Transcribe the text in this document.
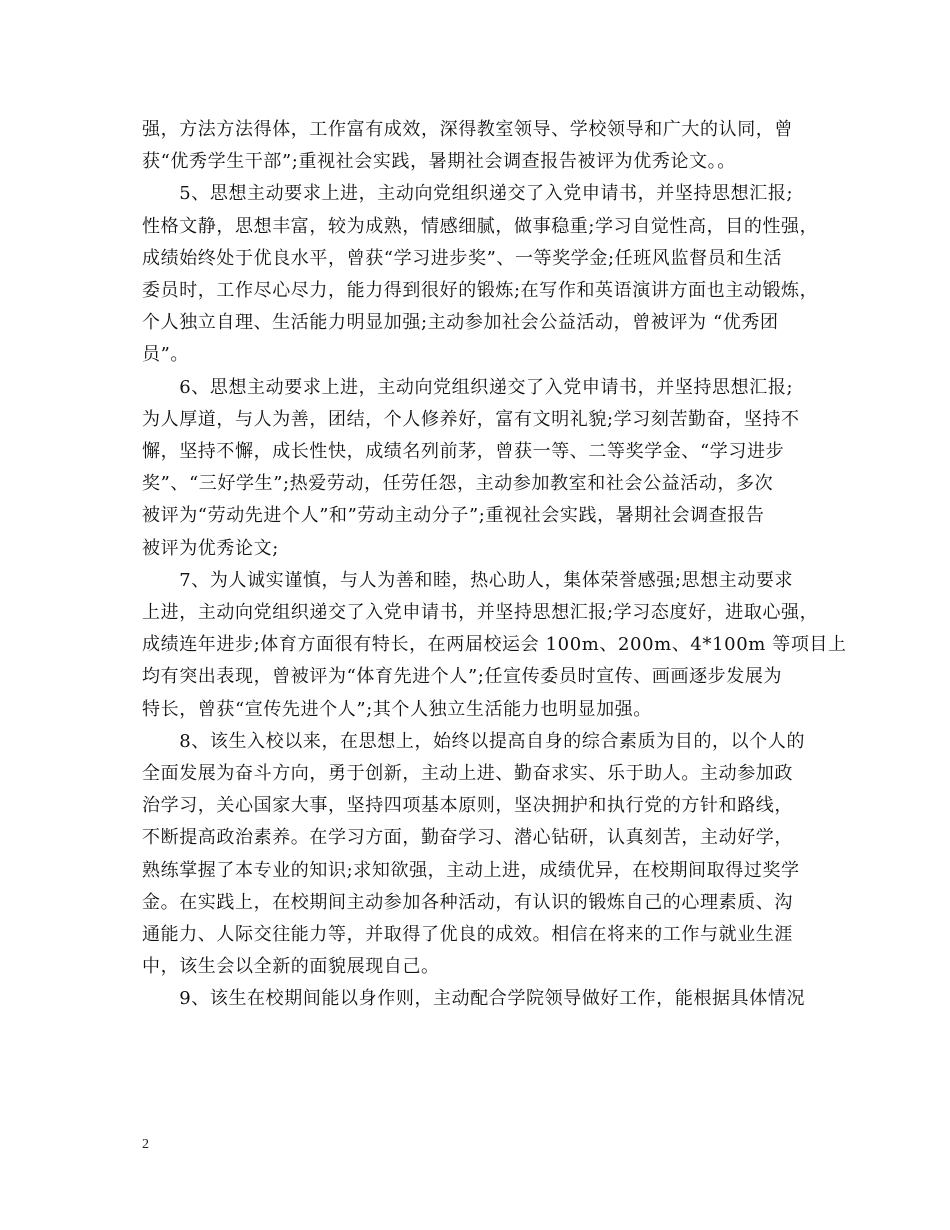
强，方法方法得体，工作富有成效，深得教室领导、学校领导和广大的认同，曾
获“优秀学生干部”;重视社会实践，暑期社会调查报告被评为优秀论文。。

　　5、思想主动要求上进，主动向党组织递交了入党申请书，并坚持思想汇报;
性格文静，思想丰富，较为成熟，情感细腻，做事稳重;学习自觉性高，目的性强，
成绩始终处于优良水平，曾获“学习进步奖”、一等奖学金;任班风监督员和生活
委员时，工作尽心尽力，能力得到很好的锻炼;在写作和英语演讲方面也主动锻炼，
个人独立自理、生活能力明显加强;主动参加社会公益活动，曾被评为 “优秀团
员”。

　　6、思想主动要求上进，主动向党组织递交了入党申请书，并坚持思想汇报;
为人厚道，与人为善，团结，个人修养好，富有文明礼貌;学习刻苦勤奋，坚持不
懈，坚持不懈，成长性快，成绩名列前茅，曾获一等、二等奖学金、“学习进步
奖”、“三好学生”;热爱劳动，任劳任怨，主动参加教室和社会公益活动，多次
被评为“劳动先进个人”和”劳动主动分子”;重视社会实践，暑期社会调查报告
被评为优秀论文;

　　7、为人诚实谨慎，与人为善和睦，热心助人，集体荣誉感强;思想主动要求
上进，主动向党组织递交了入党申请书，并坚持思想汇报;学习态度好，进取心强，
成绩连年进步;体育方面很有特长，在两届校运会 100m、200m、4*100m 等项目上
均有突出表现，曾被评为“体育先进个人”;任宣传委员时宣传、画画逐步发展为
特长，曾获“宣传先进个人”;其个人独立生活能力也明显加强。

　　8、该生入校以来，在思想上，始终以提高自身的综合素质为目的，以个人的
全面发展为奋斗方向，勇于创新，主动上进、勤奋求实、乐于助人。主动参加政
治学习，关心国家大事，坚持四项基本原则，坚决拥护和执行党的方针和路线，
不断提高政治素养。在学习方面，勤奋学习、潜心钻研，认真刻苦，主动好学，
熟练掌握了本专业的知识;求知欲强，主动上进，成绩优异，在校期间取得过奖学
金。在实践上，在校期间主动参加各种活动，有认识的锻炼自己的心理素质、沟
通能力、人际交往能力等，并取得了优良的成效。相信在将来的工作与就业生涯
中，该生会以全新的面貌展现自己。

　　9、该生在校期间能以身作则，主动配合学院领导做好工作，能根据具体情况

2
